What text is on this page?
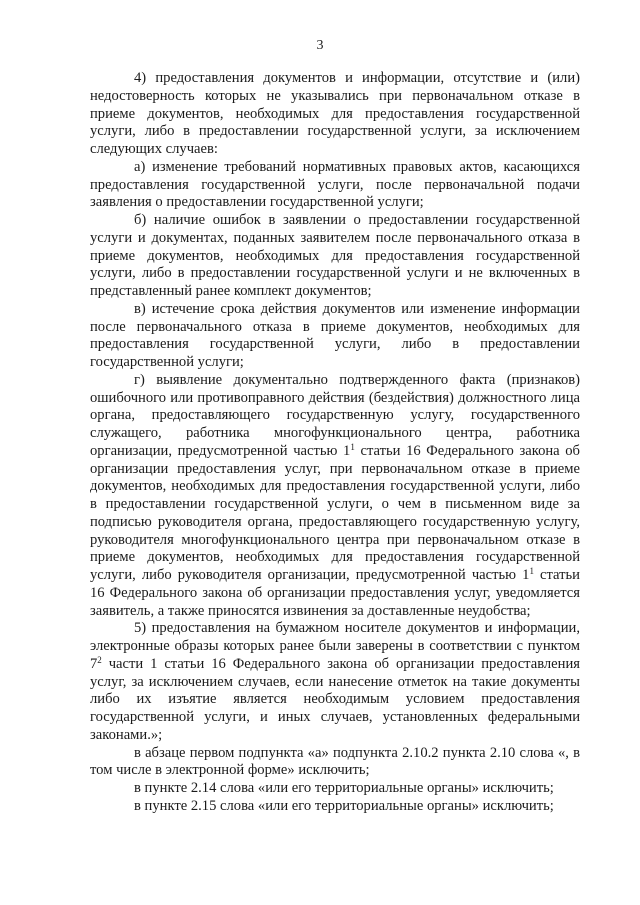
3

4) предоставления документов и информации, отсутствие и (или) недостоверность которых не указывались при первоначальном отказе в приеме документов, необходимых для предоставления государственной услуги, либо в предоставлении государственной услуги, за исключением следующих случаев:

а) изменение требований нормативных правовых актов, касающихся предоставления государственной услуги, после первоначальной подачи заявления о предоставлении государственной услуги;

б) наличие ошибок в заявлении о предоставлении государственной услуги и документах, поданных заявителем после первоначального отказа в приеме документов, необходимых для предоставления государственной услуги, либо в предоставлении государственной услуги и не включенных в представленный ранее комплект документов;

в) истечение срока действия документов или изменение информации после первоначального отказа в приеме документов, необходимых для предоставления государственной услуги, либо в предоставлении государственной услуги;

г) выявление документально подтвержденного факта (признаков) ошибочного или противоправного действия (бездействия) должностного лица органа, предоставляющего государственную услугу, государственного служащего, работника многофункционального центра, работника организации, предусмотренной частью $1^1$ статьи 16 Федерального закона об организации предоставления услуг, при первоначальном отказе в приеме документов, необходимых для предоставления государственной услуги, либо в предоставлении государственной услуги, о чем в письменном виде за подписью руководителя органа, предоставляющего государственную услугу, руководителя многофункционального центра при первоначальном отказе в приеме документов, необходимых для предоставления государственной услуги, либо руководителя организации, предусмотренной частью $1^1$ статьи 16 Федерального закона об организации предоставления услуг, уведомляется заявитель, а также приносятся извинения за доставленные неудобства;

5) предоставления на бумажном носителе документов и информации, электронные образы которых ранее были заверены в соответствии с пунктом $7^2$ части 1 статьи 16 Федерального закона об организации предоставления услуг, за исключением случаев, если нанесение отметок на такие документы либо их изъятие является необходимым условием предоставления государственной услуги, и иных случаев, установленных федеральными законами.»;

в абзаце первом подпункта «а» подпункта 2.10.2 пункта 2.10 слова «, в том числе в электронной форме» исключить;

в пункте 2.14 слова «или его территориальные органы» исключить;

в пункте 2.15 слова «или его территориальные органы» исключить;
